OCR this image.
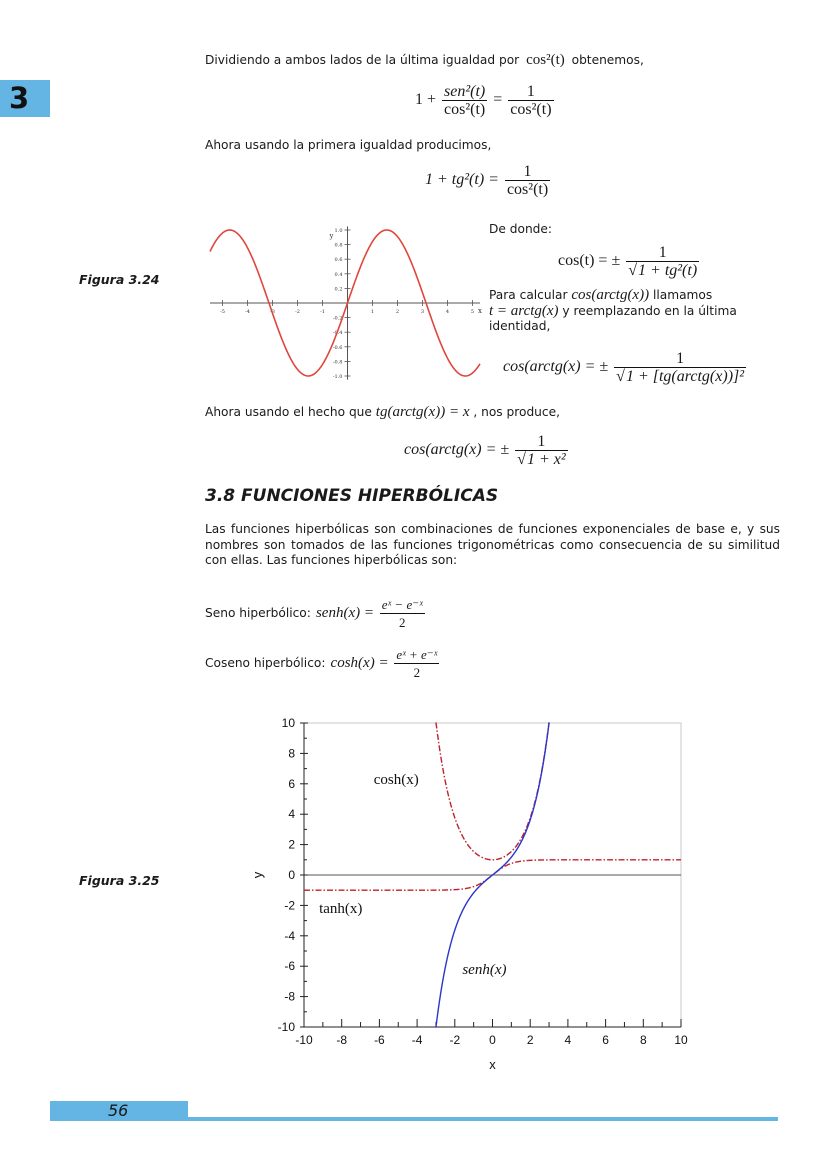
3
Dividiendo a ambos lados de la última igualdad por cos²(t) obtenemos,
$1 + \frac{\text{sen²(t)}}{\text{cos²(t)}} = \frac{1}{\text{cos²(t)}}$
Ahora usando la primera igualdad producimos,
$1 + tg^2(t) = \frac{1}{\text{cos²(t)}}$
Figura 3.24
-5	-4	-3	-2	-1	1	2	3	4	5
1.0
0.8
0.6
0.4
0.2
-0.2
-0.4
-0.6
-0.8
-1.0
x
y	De donde:
cos(t) = ± $\frac{1}{\text{√1 + tg²(t)}}$
Para calcular cos(arctg(x)) llamamos
t = arctg(x) y reemplazando en la última identidad,
cos(arctg(x) = ± $\frac{1}{\text{√1 + [tg(arctg(x))]²}}$
Ahora usando el hecho que tg(arctg(x)) = x , nos produce,
cos(arctg(x) = ± $\frac{1}{\text{√1 + x²}}$
3.8 FUNCIONES HIPERBÓLICAS
Las funciones hiperbólicas son combinaciones de funciones exponenciales de base e, y sus nombres son tomados de las funciones trigonométricas como consecuencia de su similitud con ellas. Las funciones hiperbólicas son:
Seno hiperbólico: senh(x) = $\frac{\text{eˣ − e⁻ˣ}}{2}$
Coseno hiperbólico: $\cosh(x) = \frac{\text{eˣ + e⁻ˣ}}{2}$
Figura 3.25
-10 -8 -6 -4 -2 0	2	4	6	8 10
10
8
6
4
2
0
-2
-4
-6
-8
-10
x
y
cosh(x)
tanh(x)
senh(x)
56
